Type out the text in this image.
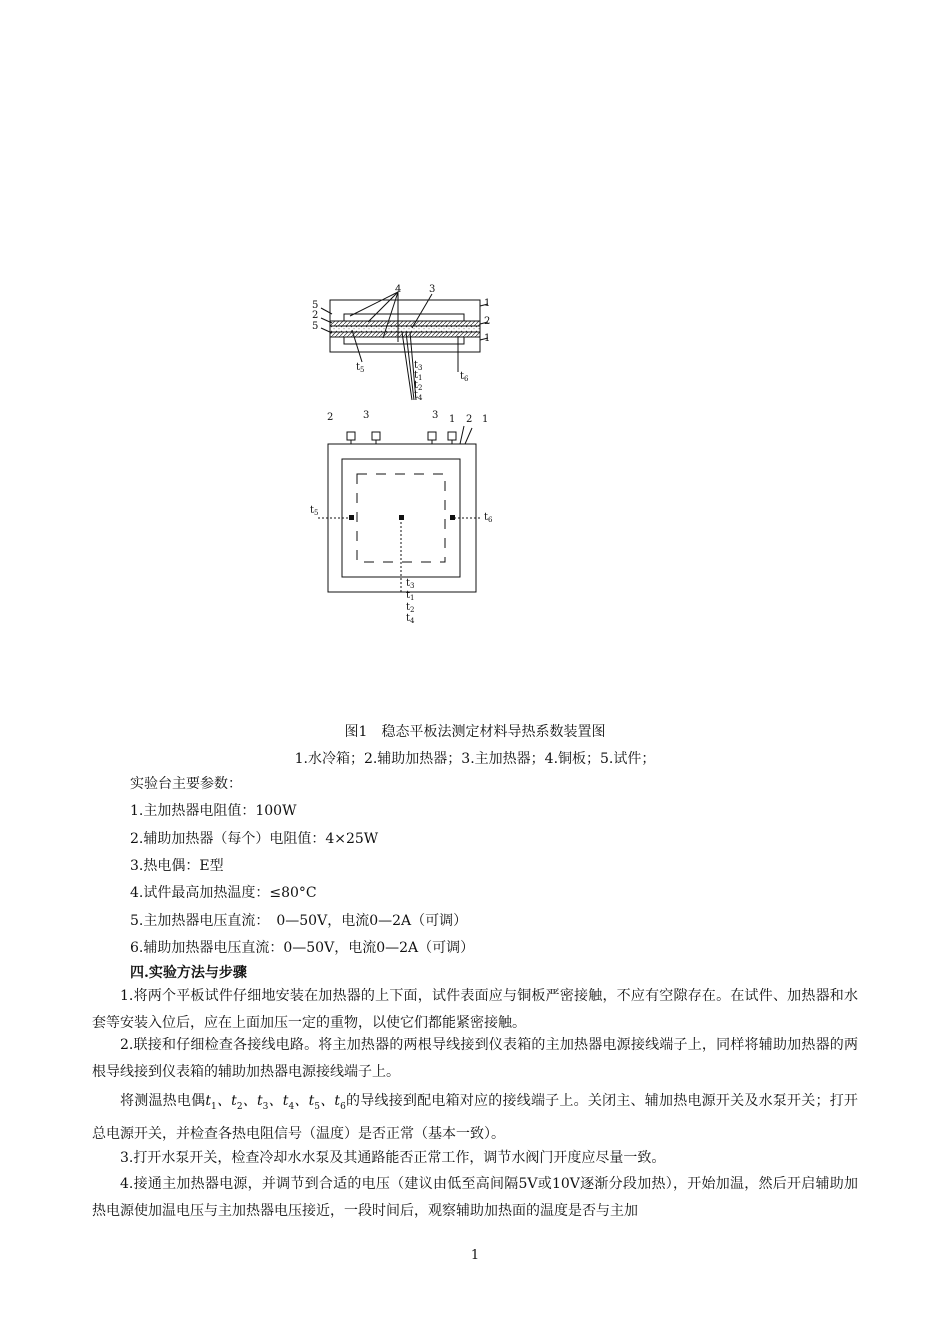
4	3
1
5
2
5	2
1
$t_5$
$t_6$
$t_3$
$t_1$
$t_2$
$t_4$
2	3	3 1 2 1
$t_5$	$t_6$
$t_3$
$t_1$
$t_2$
$t_4$
图1　稳态平板法测定材料导热系数装置图
1.水冷箱；2.辅助加热器；3.主加热器；4.铜板；5.试件；
实验台主要参数：
1.主加热器电阻值：100W
2.辅助加热器（每个）电阻值：4×25W
3.热电偶：E型
4.试件最高加热温度：≤80°C
5.主加热器电压直流：　0—50V，电流0—2A（可调）
6.辅助加热器电压直流：0—50V，电流0—2A（可调）
四.实验方法与步骤
1.将两个平板试件仔细地安装在加热器的上下面，试件表面应与铜板严密接触，不应有空隙存在。在试件、加热器和水套等安装入位后，应在上面加压一定的重物，以使它们都能紧密接触。
2.联接和仔细检查各接线电路。将主加热器的两根导线接到仪表箱的主加热器电源接线端子上，同样将辅助加热器的两根导线接到仪表箱的辅助加热器电源接线端子上。
将测温热电偶$t_1$、$t_2$、$t_3$、$t_4$、$t_5$、$t_6$的导线接到配电箱对应的接线端子上。关闭主、辅加热电源开关及水泵开关；打开总电源开关，并检查各热电阻信号（温度）是否正常（基本一致）。
3.打开水泵开关，检查冷却水水泵及其通路能否正常工作，调节水阀门开度应尽量一致。
4.接通主加热器电源，并调节到合适的电压（建议由低至高间隔5V或10V逐渐分段加热），开始加温，然后开启辅助加热电源使加温电压与主加热器电压接近，一段时间后，观察辅助加热面的温度是否与主加
1
